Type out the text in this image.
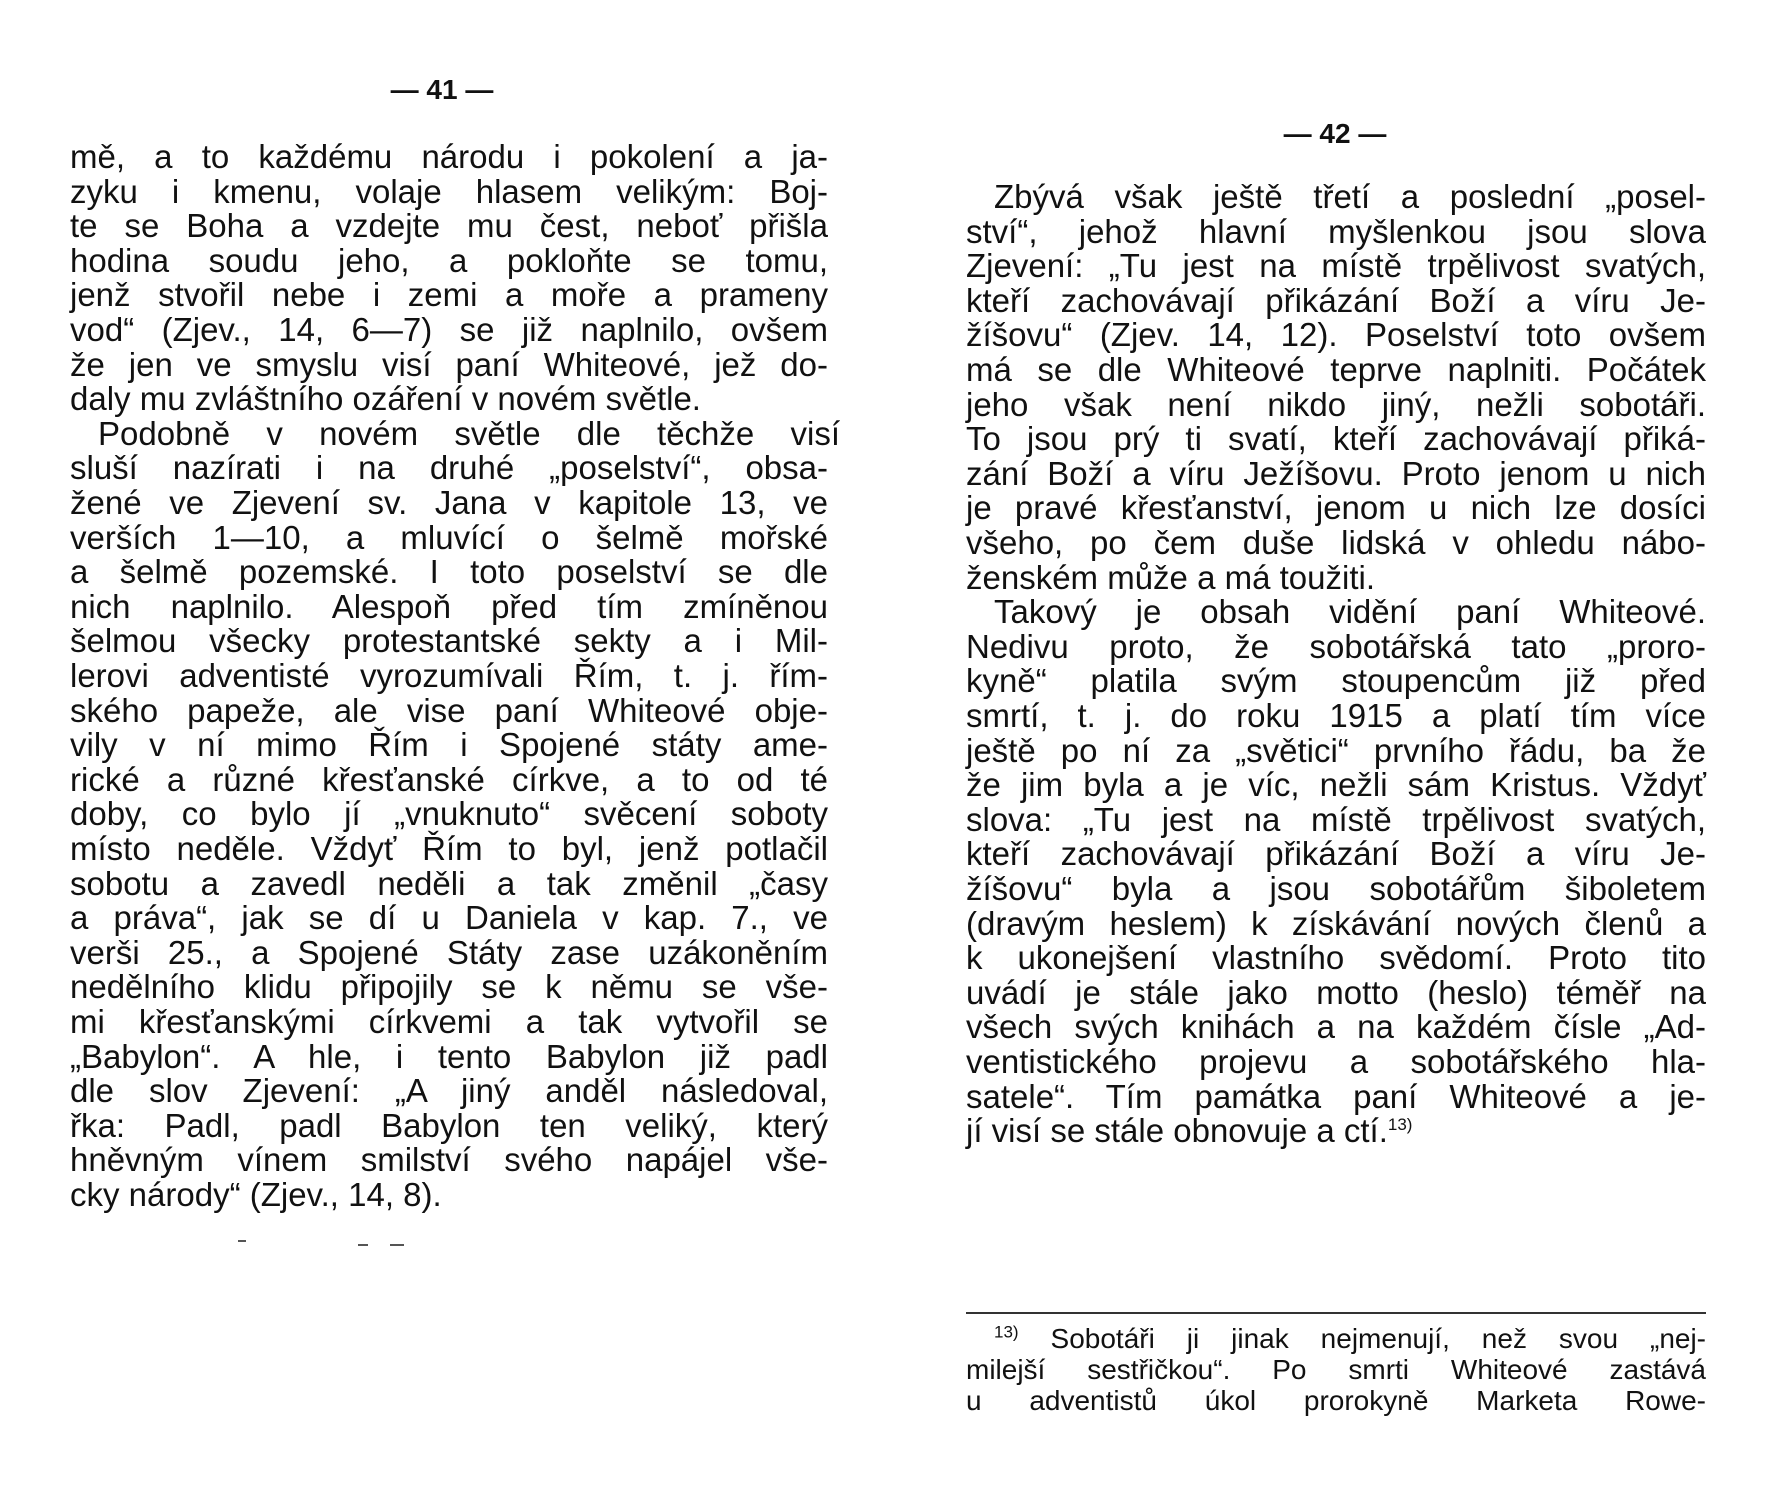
— 41 —
mě, a to každému národu i pokolení a ja-
zyku i kmenu, volaje hlasem velikým: Boj-
te se Boha a vzdejte mu čest, neboť přišla
hodina soudu jeho, a pokloňte se tomu,
jenž stvořil nebe i zemi a moře a prameny
vod“ (Zjev., 14, 6—7) se již naplnilo, ovšem
že jen ve smyslu visí paní Whiteové, jež do-
daly mu zvláštního ozáření v novém světle.
Podobně v novém světle dle těchže visí
sluší nazírati i na druhé „poselství“, obsa-
žené ve Zjevení sv. Jana v kapitole 13, ve
verších 1—10, a mluvící o šelmě mořské
a šelmě pozemské. I toto poselství se dle
nich naplnilo. Alespoň před tím zmíněnou
šelmou všecky protestantské sekty a i Mil-
lerovi adventisté vyrozumívali Řím, t. j. řím-
ského papeže, ale vise paní Whiteové obje-
vily v ní mimo Řím i Spojené státy ame-
rické a různé křesťanské církve, a to od té
doby, co bylo jí „vnuknuto“ svěcení soboty
místo neděle. Vždyť Řím to byl, jenž potlačil
sobotu a zavedl neděli a tak změnil „časy
a práva“, jak se dí u Daniela v kap. 7., ve
verši 25., a Spojené Státy zase uzákoněním
nedělního klidu připojily se k němu se vše-
mi křesťanskými církvemi a tak vytvořil se
„Babylon“. A hle, i tento Babylon již padl
dle slov Zjevení: „A jiný anděl následoval,
řka: Padl, padl Babylon ten veliký, který
hněvným vínem smilství svého napájel vše-
cky národy“ (Zjev., 14, 8).
— 42 —
Zbývá však ještě třetí a poslední „posel-
ství“, jehož hlavní myšlenkou jsou slova
Zjevení: „Tu jest na místě trpělivost svatých,
kteří zachovávají přikázání Boží a víru Je-
žíšovu“ (Zjev. 14, 12). Poselství toto ovšem
má se dle Whiteové teprve naplniti. Počátek
jeho však není nikdo jiný, nežli sobotáři.
To jsou prý ti svatí, kteří zachovávají přiká-
zání Boží a víru Ježíšovu. Proto jenom u nich
je pravé křesťanství, jenom u nich lze dosíci
všeho, po čem duše lidská v ohledu nábo-
ženském může a má toužiti.
Takový je obsah vidění paní Whiteové.
Nedivu proto, že sobotářská tato „proro-
kyně“ platila svým stoupencům již před
smrtí, t. j. do roku 1915 a platí tím více
ještě po ní za „světici“ prvního řádu, ba že
že jim byla a je víc, nežli sám Kristus. Vždyť
slova: „Tu jest na místě trpělivost svatých,
kteří zachovávají přikázání Boží a víru Je-
žíšovu“ byla a jsou sobotářům šiboletem
(dravým heslem) k získávání nových členů a
k ukonejšení vlastního svědomí. Proto tito
uvádí je stále jako motto (heslo) téměř na
všech svých knihách a na každém čísle „Ad-
ventistického projevu a sobotářského hla-
satele“. Tím památka paní Whiteové a je-
jí visí se stále obnovuje a ctí.$^{13)}$
$^{13)}$ Sobotáři ji jinak nejmenují, než svou „nej-
milejší sestřičkou“. Po smrti Whiteové zastává
u adventistů úkol prorokyně Marketa Rowe-
